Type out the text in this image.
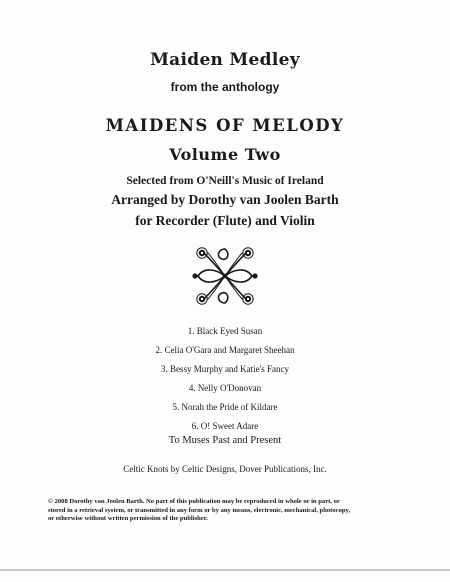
Maiden Medley
from the anthology
MAIDENS OF MELODY
Volume Two
Selected from O'Neill's Music of Ireland
Arranged by Dorothy van Joolen Barth
for Recorder (Flute) and Violin
1. Black Eyed Susan
2. Celia O'Gara and Margaret Sheehan
3. Bessy Murphy and Katie's Fancy
4. Nelly O'Donovan
5. Norah the Pride of Kildare
6. O! Sweet Adare
To Muses Past and Present
Celtic Knots by Celtic Designs, Dover Publications, Inc.
© 2008 Dorothy van Joolen Barth. No part of this publication may be reproduced in whole or in part, or
stored in a retrieval system, or transmitted in any form or by any means, electronic, mechanical, photocopy,
or otherwise without written permission of the publisher.
